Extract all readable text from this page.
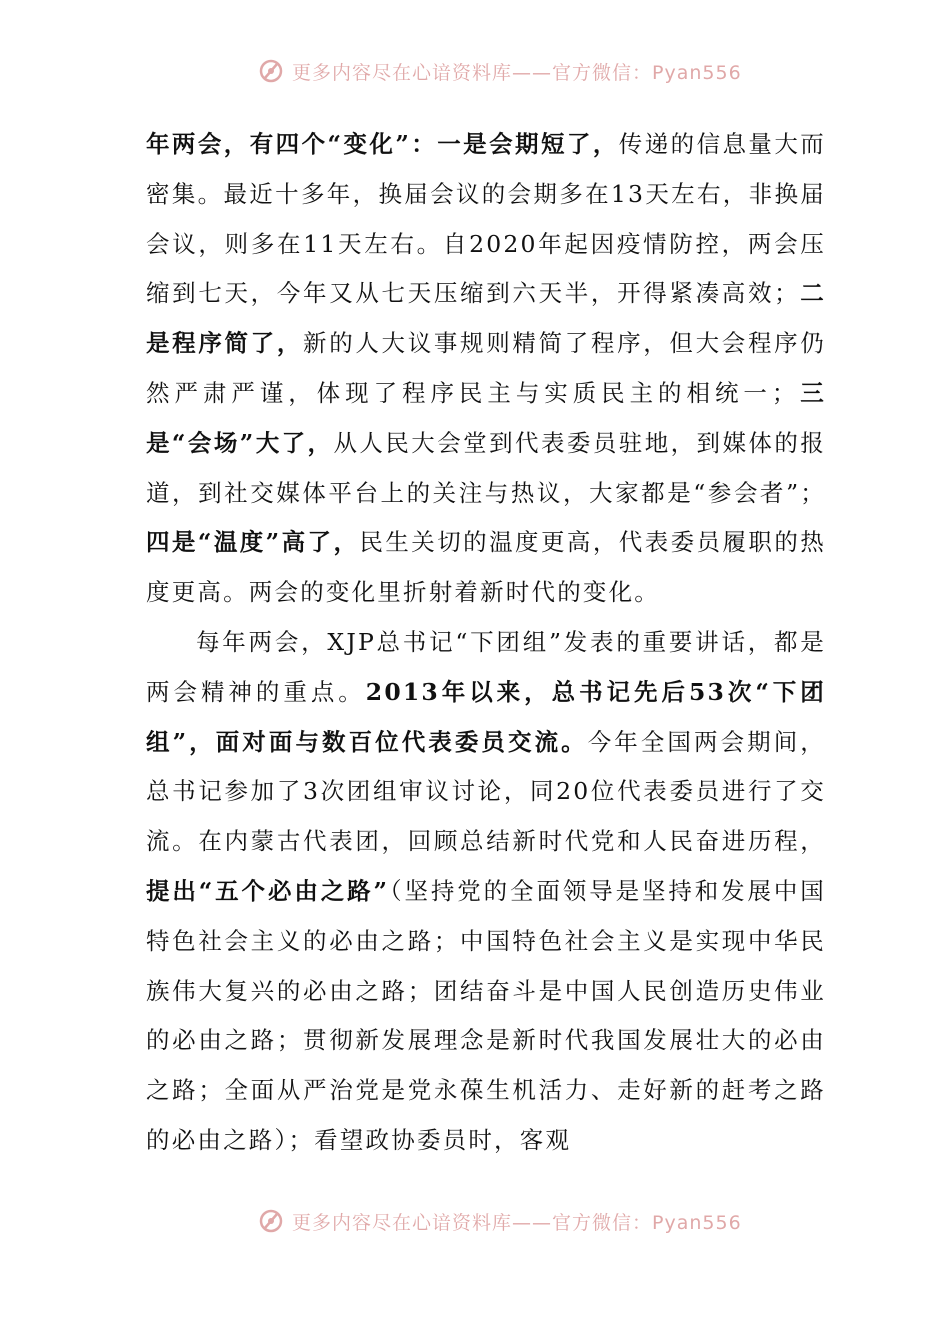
更多内容尽在心谙资料库——官方微信：Pyan556

年两会，有四个“变化”：一是会期短了，传递的信息量大而密集。最近十多年，换届会议的会期多在13天左右，非换届会议，则多在11天左右。自2020年起因疫情防控，两会压缩到七天，今年又从七天压缩到六天半，开得紧凑高效；二是程序简了，新的人大议事规则精简了程序，但大会程序仍然严肃严谨，体现了程序民主与实质民主的相统一；三是“会场”大了，从人民大会堂到代表委员驻地，到媒体的报道，到社交媒体平台上的关注与热议，大家都是“参会者”；四是“温度”高了，民生关切的温度更高，代表委员履职的热度更高。两会的变化里折射着新时代的变化。

每年两会，XJP总书记“下团组”发表的重要讲话，都是两会精神的重点。2013年以来，总书记先后53次“下团组”，面对面与数百位代表委员交流。今年全国两会期间，总书记参加了3次团组审议讨论，同20位代表委员进行了交流。在内蒙古代表团，回顾总结新时代党和人民奋进历程，提出“五个必由之路”（坚持党的全面领导是坚持和发展中国特色社会主义的必由之路；中国特色社会主义是实现中华民族伟大复兴的必由之路；团结奋斗是中国人民创造历史伟业的必由之路；贯彻新发展理念是新时代我国发展壮大的必由之路；全面从严治党是党永葆生机活力、走好新的赶考之路的必由之路）；看望政协委员时，客观

更多内容尽在心谙资料库——官方微信：Pyan556
